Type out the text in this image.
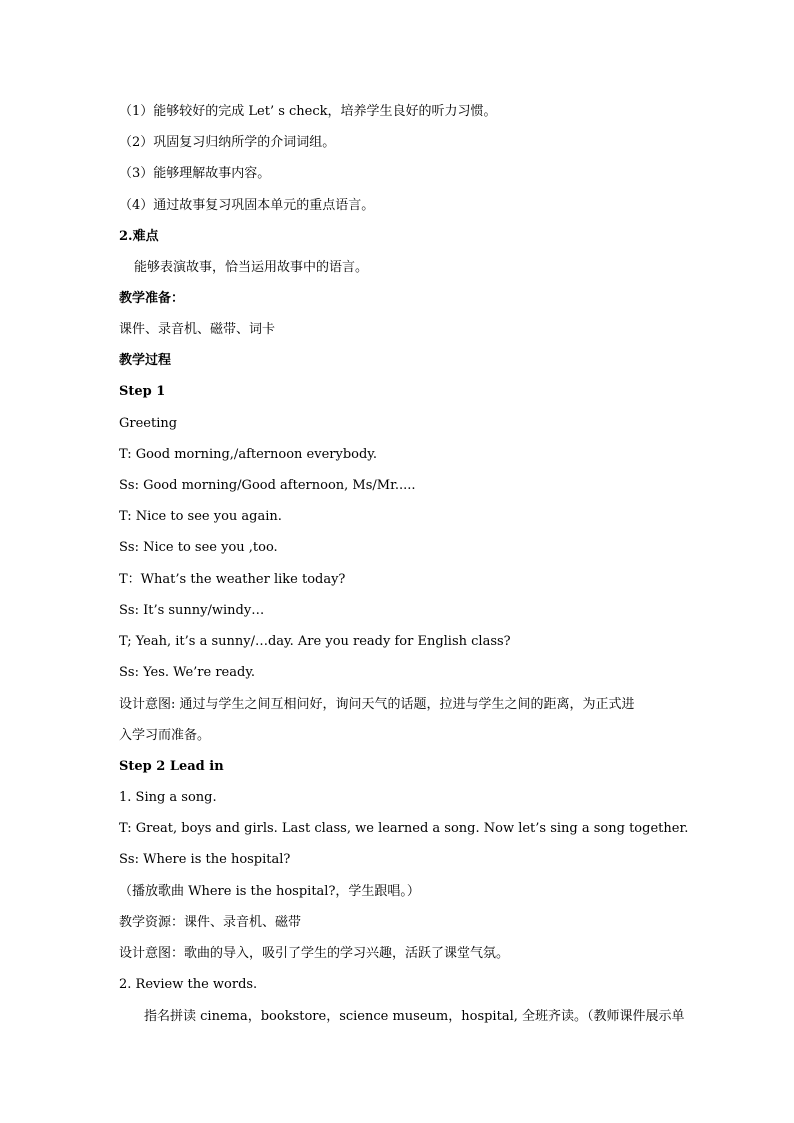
（1）能够较好的完成 Let’ s check，培养学生良好的听力习惯。
（2）巩固复习归纳所学的介词词组。
（3）能够理解故事内容。
（4）通过故事复习巩固本单元的重点语言。
2.难点
能够表演故事，恰当运用故事中的语言。
教学准备：
课件、录音机、磁带、词卡
教学过程
Step 1
Greeting
T: Good morning,/afternoon everybody.
Ss: Good morning/Good afternoon, Ms/Mr.....
T: Nice to see you again.
Ss: Nice to see you ,too.
T：What’s the weather like today?
Ss: It’s sunny/windy…
T; Yeah, it’s a sunny/…day. Are you ready for English class?
Ss: Yes. We’re ready.
设计意图: 通过与学生之间互相问好，询问天气的话题，拉进与学生之间的距离，为正式进
入学习而准备。
Step 2 Lead in
1. Sing a song.
T: Great, boys and girls. Last class, we learned a song. Now let’s sing a song together.
Ss: Where is the hospital?
（播放歌曲 Where is the hospital?，学生跟唱。）
教学资源：课件、录音机、磁带
设计意图：歌曲的导入，吸引了学生的学习兴趣，活跃了课堂气氛。
2. Review the words.
指名拼读 cinema，bookstore，science museum，hospital, 全班齐读。（教师课件展示单
